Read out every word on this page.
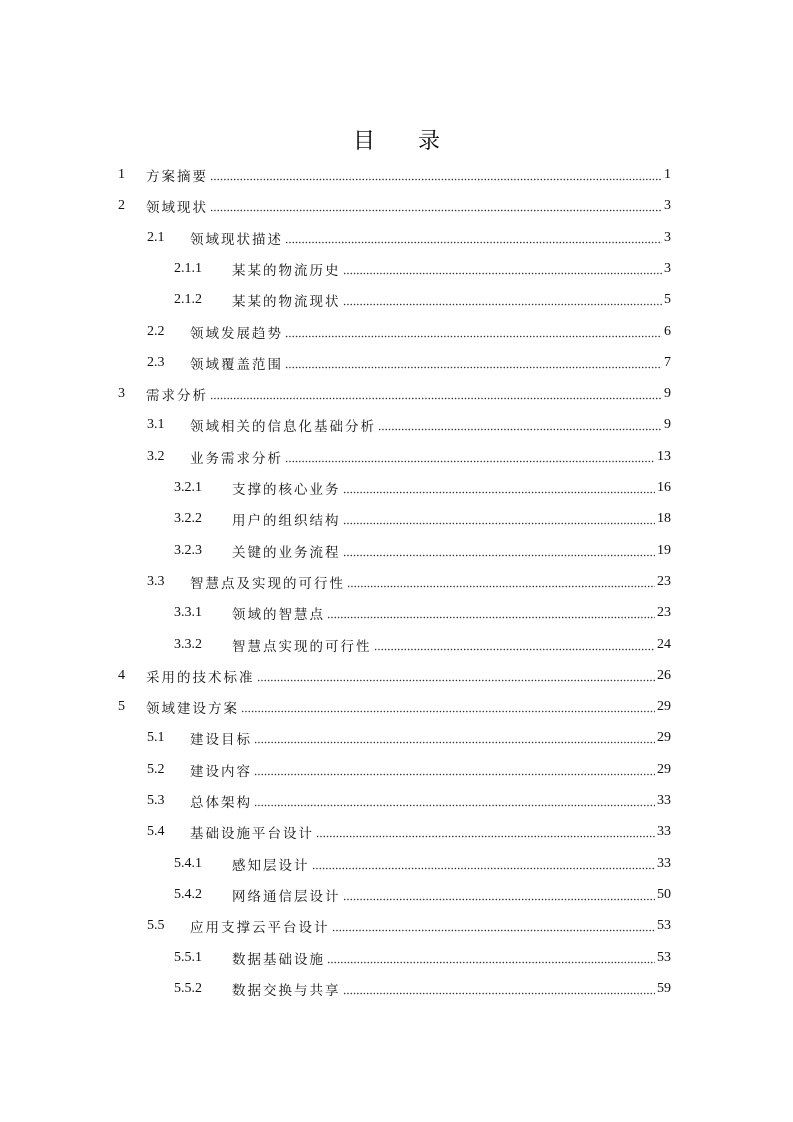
目 录
1	方案摘要	1
2	领域现状	3
2.1	领域现状描述	3
2.1.1	某某的物流历史	3
2.1.2	某某的物流现状	5
2.2	领域发展趋势	6
2.3	领域覆盖范围	7
3	需求分析	9
3.1	领域相关的信息化基础分析	9
3.2	业务需求分析	13
3.2.1	支撑的核心业务	16
3.2.2	用户的组织结构	18
3.2.3	关键的业务流程	19
3.3	智慧点及实现的可行性	23
3.3.1	领域的智慧点	23
3.3.2	智慧点实现的可行性	24
4	采用的技术标准	26
5	领域建设方案	29
5.1	建设目标	29
5.2	建设内容	29
5.3	总体架构	33
5.4	基础设施平台设计	33
5.4.1	感知层设计	33
5.4.2	网络通信层设计	50
5.5	应用支撑云平台设计	53
5.5.1	数据基础设施	53
5.5.2	数据交换与共享	59
